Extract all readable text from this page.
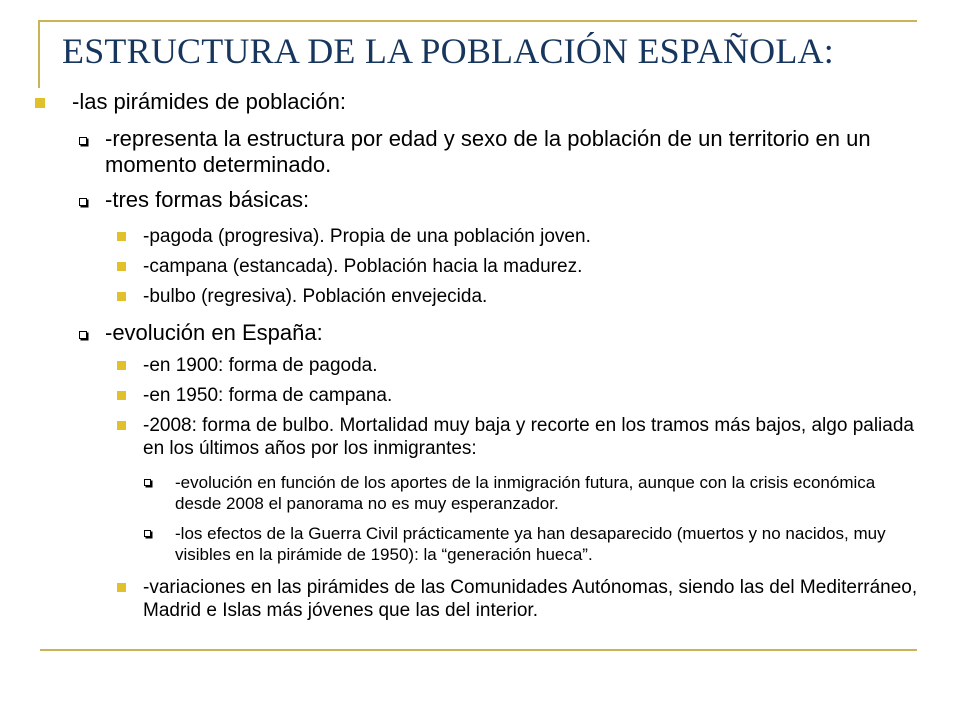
ESTRUCTURA DE LA POBLACIÓN ESPAÑOLA:
-las pirámides de población:
-representa la estructura por edad y sexo de la población de un territorio en un momento determinado.
-tres formas básicas:
-pagoda (progresiva). Propia de una población joven.
-campana (estancada). Población hacia la madurez.
-bulbo (regresiva). Población envejecida.
-evolución en España:
-en 1900: forma de pagoda.
-en 1950: forma de campana.
-2008: forma de bulbo. Mortalidad muy baja y recorte en los tramos más bajos, algo paliada en los últimos años por los inmigrantes:
-evolución en función de los aportes de la inmigración futura, aunque con la crisis económica desde 2008 el panorama no es muy esperanzador.
-los efectos de la Guerra Civil prácticamente ya han desaparecido (muertos y no nacidos, muy visibles en la pirámide de 1950): la “generación hueca”.
-variaciones en las pirámides de las Comunidades Autónomas, siendo las del Mediterráneo, Madrid e Islas más jóvenes que las del interior.
